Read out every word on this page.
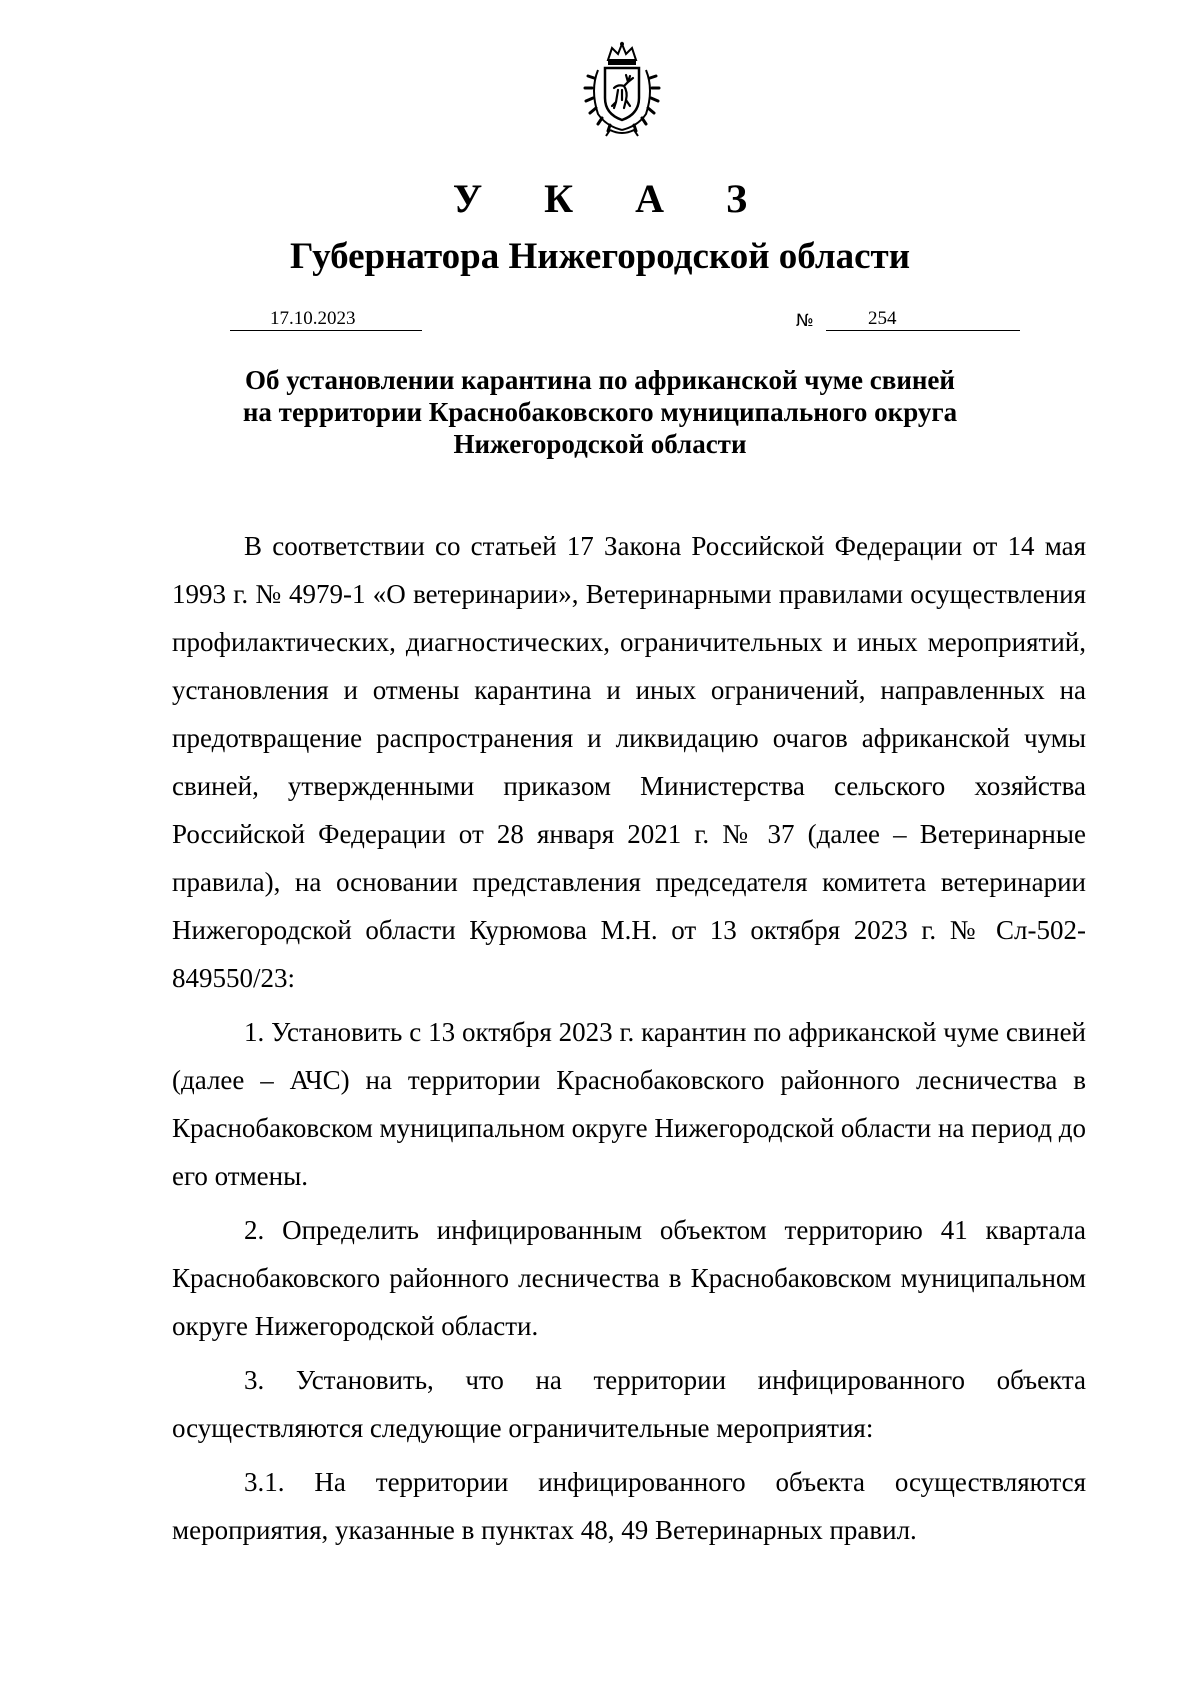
У К А З
Губернатора Нижегородской области
17.10.2023	№	254
Об установлении карантина по африканской чуме свиней
на территории Краснобаковского муниципального округа
Нижегородской области

В соответствии со статьей 17 Закона Российской Федерации от 14 мая 1993 г. № 4979-1 «О ветеринарии», Ветеринарными правилами осуществления профилактических, диагностических, ограничительных и иных мероприятий, установления и отмены карантина и иных ограничений, направленных на предотвращение распространения и ликвидацию очагов африканской чумы свиней, утвержденными приказом Министерства сельского хозяйства Российской Федерации от 28 января 2021 г. № 37 (далее – Ветеринарные правила), на основании представления председателя комитета ветеринарии Нижегородской области Курюмова М.Н. от 13 октября 2023 г. № Сл-502-849550/23:

1. Установить с 13 октября 2023 г. карантин по африканской чуме свиней (далее – АЧС) на территории Краснобаковского районного лесничества в Краснобаковском муниципальном округе Нижегородской области на период до его отмены.

2. Определить инфицированным объектом территорию 41 квартала Краснобаковского районного лесничества в Краснобаковском муниципальном округе Нижегородской области.

3. Установить, что на территории инфицированного объекта осуществляются следующие ограничительные мероприятия:

3.1. На территории инфицированного объекта осуществляются мероприятия, указанные в пунктах 48, 49 Ветеринарных правил.
